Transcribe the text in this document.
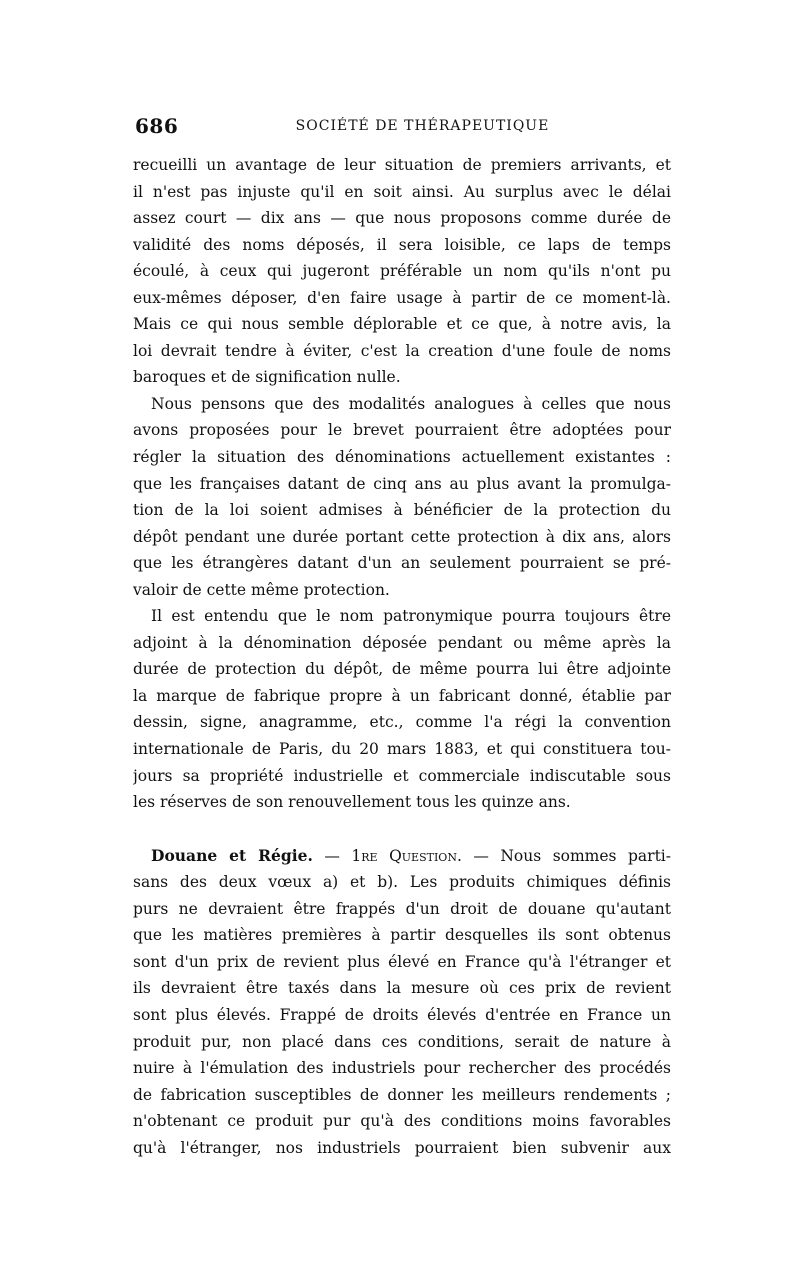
686	SOCIÉTÉ DE THÉRAPEUTIQUE
recueilli un avantage de leur situation de premiers arrivants, et
il n'est pas injuste qu'il en soit ainsi. Au surplus avec le délai
assez court — dix ans — que nous proposons comme durée de
validité des noms déposés, il sera loisible, ce laps de temps
écoulé, à ceux qui jugeront préférable un nom qu'ils n'ont pu
eux-mêmes déposer, d'en faire usage à partir de ce moment-là.
Mais ce qui nous semble déplorable et ce que, à notre avis, la
loi devrait tendre à éviter, c'est la creation d'une foule de noms
baroques et de signification nulle.
Nous pensons que des modalités analogues à celles que nous
avons proposées pour le brevet pourraient être adoptées pour
régler la situation des dénominations actuellement existantes :
que les françaises datant de cinq ans au plus avant la promulga-
tion de la loi soient admises à bénéficier de la protection du
dépôt pendant une durée portant cette protection à dix ans, alors
que les étrangères datant d'un an seulement pourraient se pré-
valoir de cette même protection.
Il est entendu que le nom patronymique pourra toujours être
adjoint à la dénomination déposée pendant ou même après la
durée de protection du dépôt, de même pourra lui être adjointe
la marque de fabrique propre à un fabricant donné, établie par
dessin, signe, anagramme, etc., comme l'a régi la convention
internationale de Paris, du 20 mars 1883, et qui constituera tou-
jours sa propriété industrielle et commerciale indiscutable sous
les réserves de son renouvellement tous les quinze ans.
Douane et Régie. — 1re Question. — Nous sommes parti-
sans des deux vœux a) et b). Les produits chimiques définis
purs ne devraient être frappés d'un droit de douane qu'autant
que les matières premières à partir desquelles ils sont obtenus
sont d'un prix de revient plus élevé en France qu'à l'étranger et
ils devraient être taxés dans la mesure où ces prix de revient
sont plus élevés. Frappé de droits élevés d'entrée en France un
produit pur, non placé dans ces conditions, serait de nature à
nuire à l'émulation des industriels pour rechercher des procédés
de fabrication susceptibles de donner les meilleurs rendements ;
n'obtenant ce produit pur qu'à des conditions moins favorables
qu'à l'étranger, nos industriels pourraient bien subvenir aux
